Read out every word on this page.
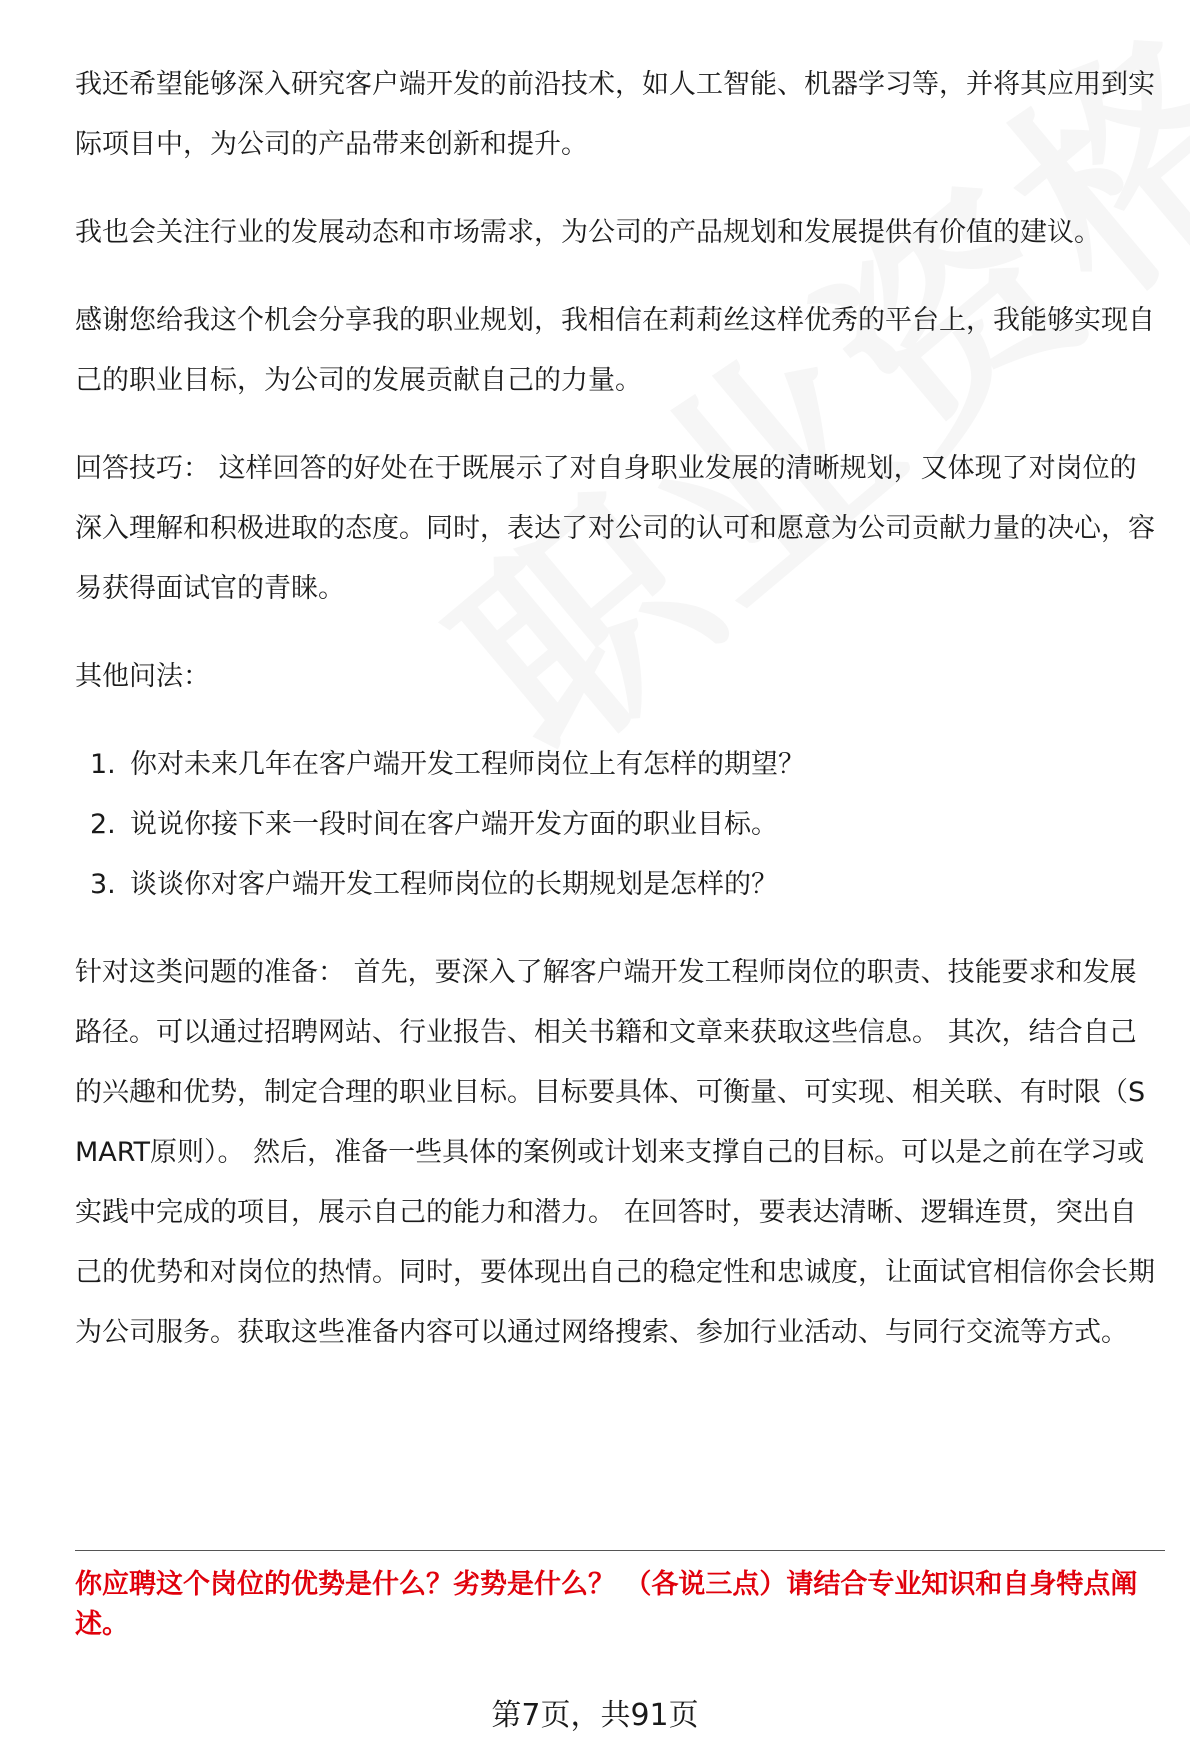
我还希望能够深入研究客户端开发的前沿技术，如人工智能、机器学习等，并将其应用到实际项目中，为公司的产品带来创新和提升。

我也会关注行业的发展动态和市场需求，为公司的产品规划和发展提供有价值的建议。

感谢您给我这个机会分享我的职业规划，我相信在莉莉丝这样优秀的平台上，我能够实现自己的职业目标，为公司的发展贡献自己的力量。

回答技巧： 这样回答的好处在于既展示了对自身职业发展的清晰规划，又体现了对岗位的深入理解和积极进取的态度。同时，表达了对公司的认可和愿意为公司贡献力量的决心，容易获得面试官的青睐。

其他问法：

1. 你对未来几年在客户端开发工程师岗位上有怎样的期望？
2. 说说你接下来一段时间在客户端开发方面的职业目标。
3. 谈谈你对客户端开发工程师岗位的长期规划是怎样的？

针对这类问题的准备： 首先，要深入了解客户端开发工程师岗位的职责、技能要求和发展路径。可以通过招聘网站、行业报告、相关书籍和文章来获取这些信息。 其次，结合自己的兴趣和优势，制定合理的职业目标。目标要具体、可衡量、可实现、相关联、有时限（SMART原则）。 然后，准备一些具体的案例或计划来支撑自己的目标。可以是之前在学习或实践中完成的项目，展示自己的能力和潜力。 在回答时，要表达清晰、逻辑连贯，突出自己的优势和对岗位的热情。同时，要体现出自己的稳定性和忠诚度，让面试官相信你会长期为公司服务。获取这些准备内容可以通过网络搜索、参加行业活动、与同行交流等方式。

你应聘这个岗位的优势是什么？劣势是什么？ （各说三点）请结合专业知识和自身特点阐述。
第7页，共91页
